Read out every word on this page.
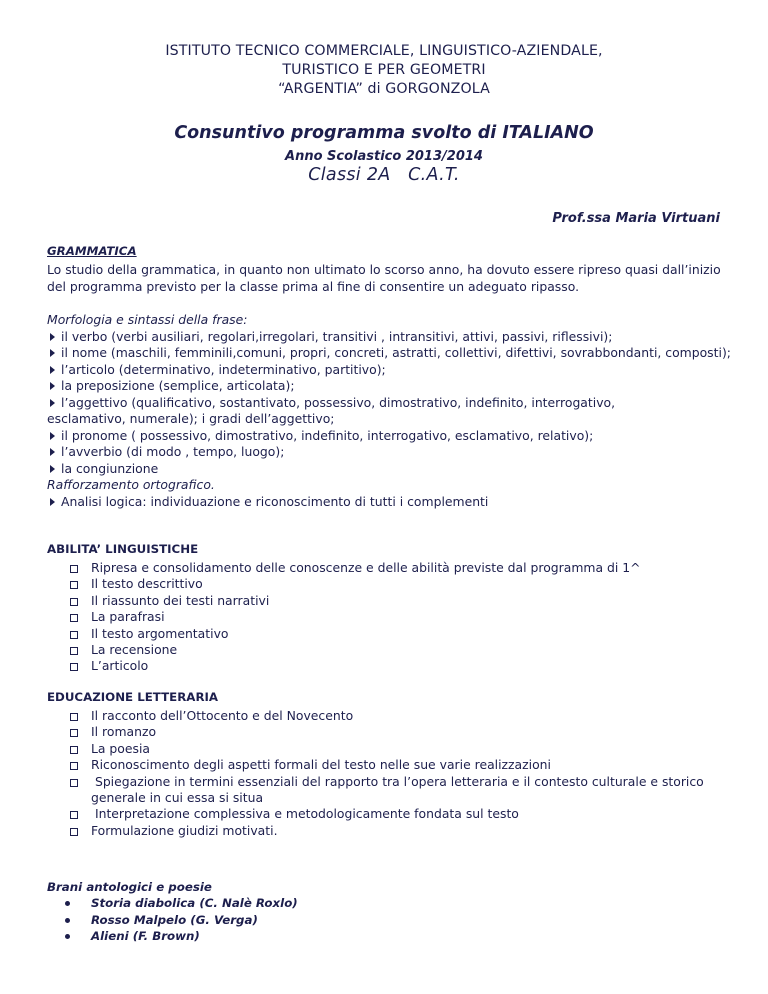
ISTITUTO TECNICO COMMERCIALE, LINGUISTICO-AZIENDALE,
TURISTICO E PER GEOMETRI
“ARGENTIA” di GORGONZOLA
Consuntivo programma svolto di ITALIANO
Anno Scolastico 2013/2014
Classi 2A   C.A.T.
Prof.ssa Maria Virtuani
GRAMMATICA
Lo studio della grammatica, in quanto non ultimato lo scorso anno, ha dovuto essere ripreso quasi dall’inizio del programma previsto per la classe prima al fine di consentire un adeguato ripasso.
Morfologia e sintassi della frase:
il verbo (verbi ausiliari, regolari,irregolari, transitivi , intransitivi, attivi, passivi, riflessivi);
il nome (maschili, femminili,comuni, propri, concreti, astratti, collettivi, difettivi, sovrabbondanti, composti);
l’articolo (determinativo, indeterminativo, partitivo);
la preposizione (semplice, articolata);
l’aggettivo (qualificativo, sostantivato, possessivo, dimostrativo, indefinito, interrogativo, esclamativo, numerale); i gradi dell’aggettivo;
il pronome ( possessivo, dimostrativo, indefinito, interrogativo, esclamativo, relativo);
l’avverbio (di modo , tempo, luogo);
la congiunzione
Rafforzamento ortografico.
Analisi logica: individuazione e riconoscimento di tutti i complementi
ABILITA’ LINGUISTICHE
Ripresa e consolidamento delle conoscenze e delle abilità previste dal programma di 1^
Il testo descrittivo
Il riassunto dei testi narrativi
La parafrasi
Il testo argomentativo
La recensione
L’articolo
EDUCAZIONE LETTERARIA
Il racconto dell’Ottocento e del Novecento
Il romanzo
La poesia
Riconoscimento degli aspetti formali del testo nelle sue varie realizzazioni
Spiegazione in termini essenziali del rapporto tra l’opera letteraria e il contesto culturale e storico generale in cui essa si situa
Interpretazione complessiva e metodologicamente fondata sul testo
Formulazione giudizi motivati.
Brani antologici e poesie
Storia diabolica (C. Nalè Roxlo)
Rosso Malpelo (G. Verga)
Alieni (F. Brown)
